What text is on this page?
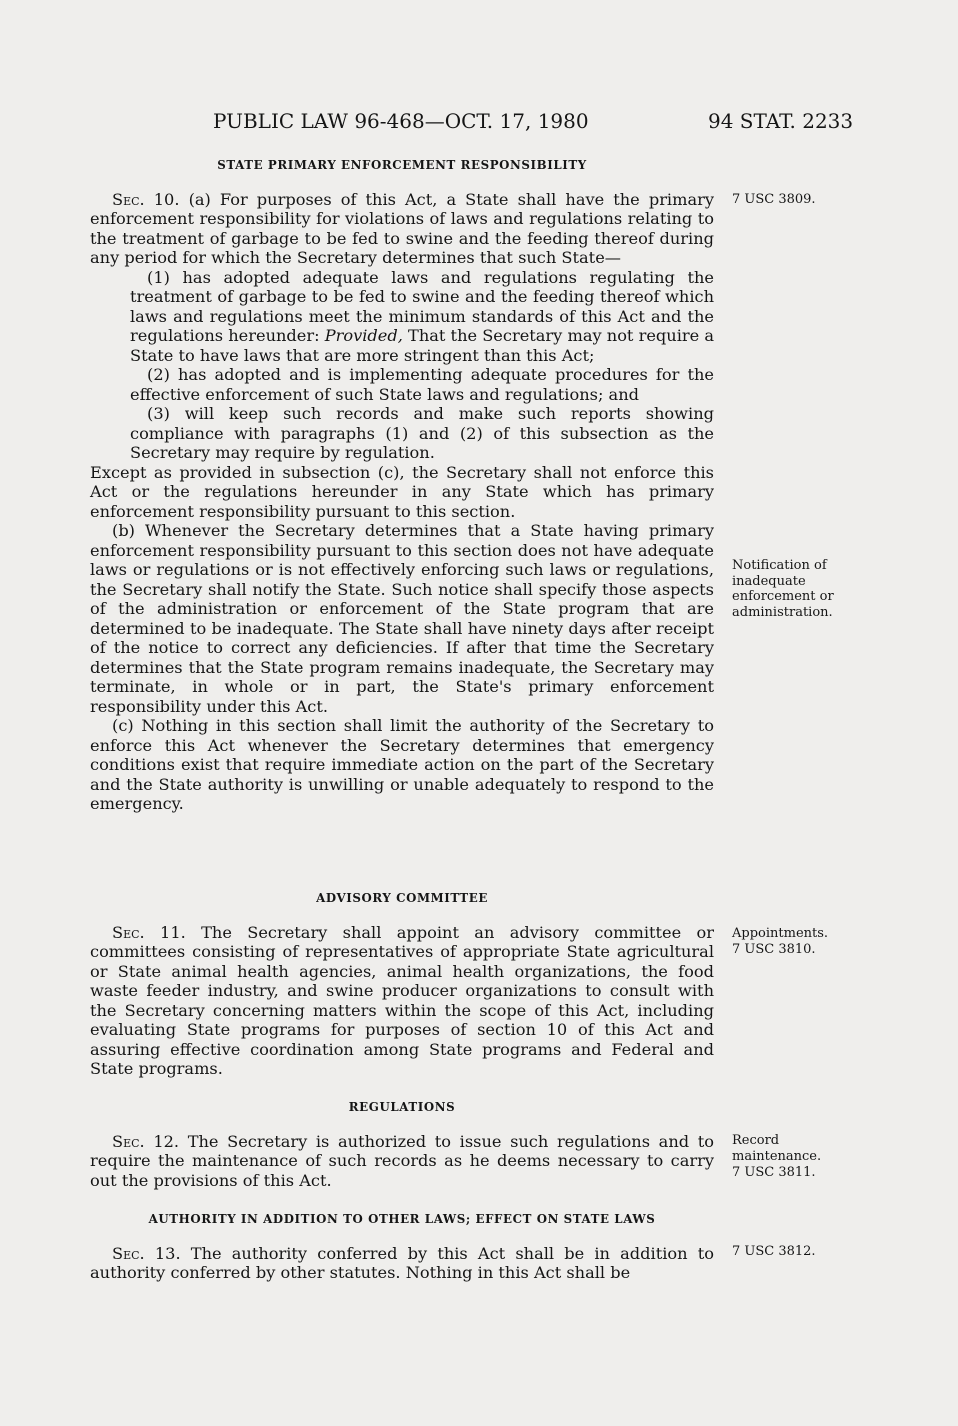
PUBLIC LAW 96-468—OCT. 17, 1980	94 STAT. 2233

STATE PRIMARY ENFORCEMENT RESPONSIBILITY

Sec. 10. (a) For purposes of this Act, a State shall have the primary enforcement responsibility for violations of laws and regulations relating to the treatment of garbage to be fed to swine and the feeding thereof during any period for which the Secretary determines that such State—

(1) has adopted adequate laws and regulations regulating the treatment of garbage to be fed to swine and the feeding thereof which laws and regulations meet the minimum standards of this Act and the regulations hereunder: Provided, That the Secretary may not require a State to have laws that are more stringent than this Act;

(2) has adopted and is implementing adequate procedures for the effective enforcement of such State laws and regulations; and

(3) will keep such records and make such reports showing compliance with paragraphs (1) and (2) of this subsection as the Secretary may require by regulation.

Except as provided in subsection (c), the Secretary shall not enforce this Act or the regulations hereunder in any State which has primary enforcement responsibility pursuant to this section.

(b) Whenever the Secretary determines that a State having primary enforcement responsibility pursuant to this section does not have adequate laws or regulations or is not effectively enforcing such laws or regulations, the Secretary shall notify the State. Such notice shall specify those aspects of the administration or enforcement of the State program that are determined to be inadequate. The State shall have ninety days after receipt of the notice to correct any deficiencies. If after that time the Secretary determines that the State program remains inadequate, the Secretary may terminate, in whole or in part, the State's primary enforcement responsibility under this Act.

(c) Nothing in this section shall limit the authority of the Secretary to enforce this Act whenever the Secretary determines that emergency conditions exist that require immediate action on the part of the Secretary and the State authority is unwilling or unable adequately to respond to the emergency.

ADVISORY COMMITTEE

Sec. 11. The Secretary shall appoint an advisory committee or committees consisting of representatives of appropriate State agricultural or State animal health agencies, animal health organizations, the food waste feeder industry, and swine producer organizations to consult with the Secretary concerning matters within the scope of this Act, including evaluating State programs for purposes of section 10 of this Act and assuring effective coordination among State programs and Federal and State programs.

REGULATIONS

Sec. 12. The Secretary is authorized to issue such regulations and to require the maintenance of such records as he deems necessary to carry out the provisions of this Act.

AUTHORITY IN ADDITION TO OTHER LAWS; EFFECT ON STATE LAWS

Sec. 13. The authority conferred by this Act shall be in addition to authority conferred by other statutes. Nothing in this Act shall be

7 USC 3809.
Notification of inadequate enforcement or administration.
Appointments.
7 USC 3810.
Record maintenance.
7 USC 3811.
7 USC 3812.
